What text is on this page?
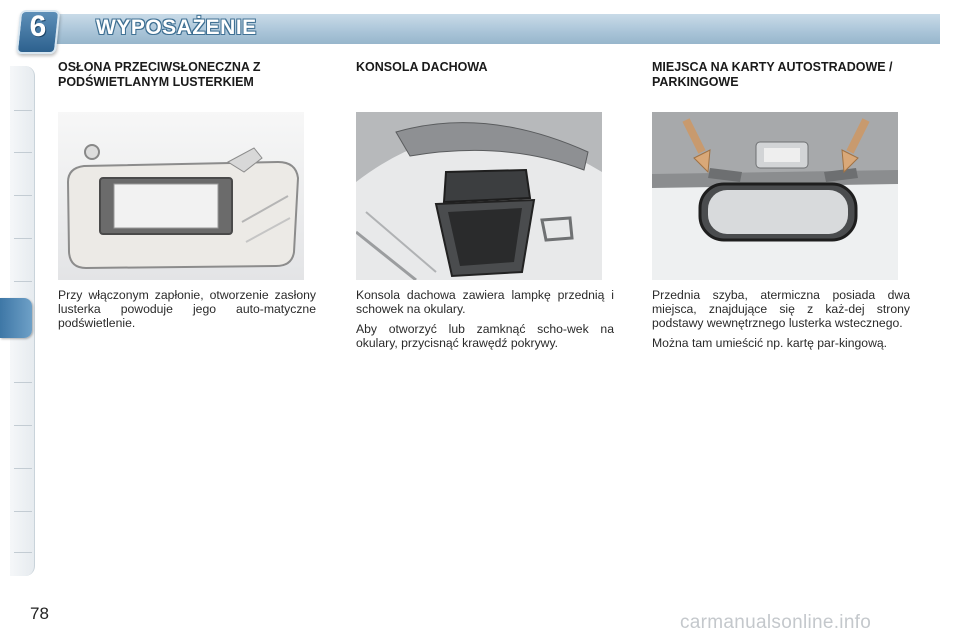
6 WYPOSAŻENIE
OSŁONA PRZECIWSŁONECZNA Z PODŚWIETLANYM LUSTERKIEM

Przy włączonym zapłonie, otworzenie zasłony lusterka powoduje jego auto-matyczne podświetlenie.

KONSOLA DACHOWA

Konsola dachowa zawiera lampkę przednią i schowek na okulary.

Aby otworzyć lub zamknąć scho-wek na okulary, przycisnąć krawędź pokrywy.

MIEJSCA NA KARTY AUTOSTRADOWE / PARKINGOWE

Przednia szyba, atermiczna posiada dwa miejsca, znajdujące się z każ-dej strony podstawy wewnętrznego lusterka wstecznego.

Można tam umieścić np. kartę par-kingową.

78	carmanualsonline.info
